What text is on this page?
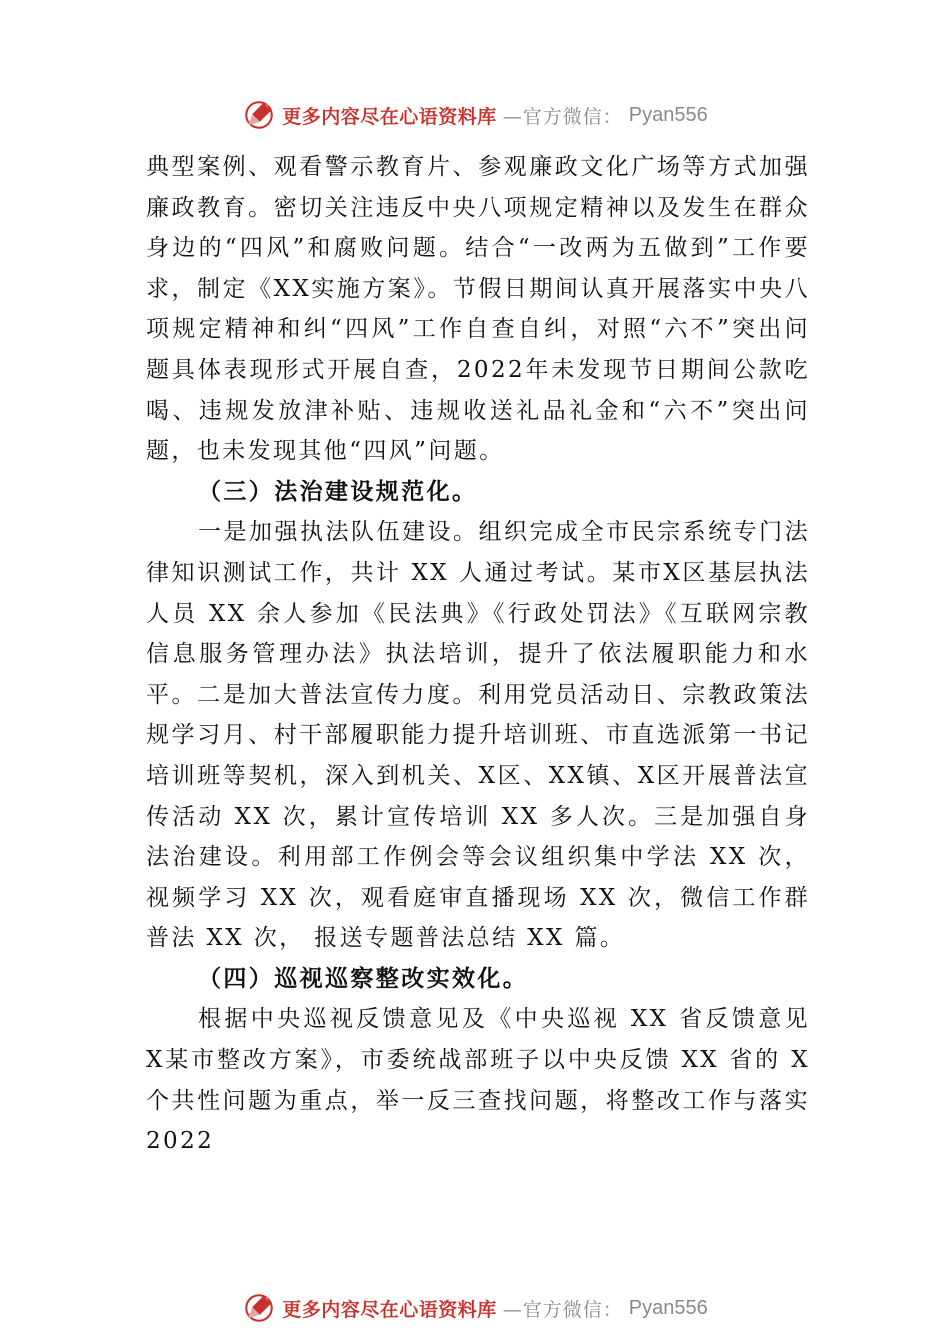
更多内容尽在心语资料库 —官方微信： Pyan556

典型案例、观看警示教育片、参观廉政文化广场等方式加强廉政教育。密切关注违反中央八项规定精神以及发生在群众身边的“四风”和腐败问题。结合“一改两为五做到”工作要求，制定《XX实施方案》。节假日期间认真开展落实中央八项规定精神和纠“四风”工作自查自纠，对照“六不”突出问题具体表现形式开展自查，2022年未发现节日期间公款吃喝、违规发放津补贴、违规收送礼品礼金和“六不”突出问题，也未发现其他“四风”问题。

（三）法治建设规范化。

一是加强执法队伍建设。组织完成全市民宗系统专门法律知识测试工作，共计 XX 人通过考试。某市X区基层执法人员 XX 余人参加《民法典》《行政处罚法》《互联网宗教信息服务管理办法》执法培训，提升了依法履职能力和水平。二是加大普法宣传力度。利用党员活动日、宗教政策法规学习月、村干部履职能力提升培训班、市直选派第一书记培训班等契机，深入到机关、X区、XX镇、X区开展普法宣传活动 XX 次，累计宣传培训 XX 多人次。三是加强自身法治建设。利用部工作例会等会议组织集中学法 XX 次，视频学习 XX 次，观看庭审直播现场 XX 次，微信工作群普法 XX 次， 报送专题普法总结 XX 篇。

（四）巡视巡察整改实效化。

根据中央巡视反馈意见及《中央巡视 XX 省反馈意见 X某市整改方案》，市委统战部班子以中央反馈 XX 省的 X 个共性问题为重点，举一反三查找问题，将整改工作与落实2022

更多内容尽在心语资料库 —官方微信： Pyan556
